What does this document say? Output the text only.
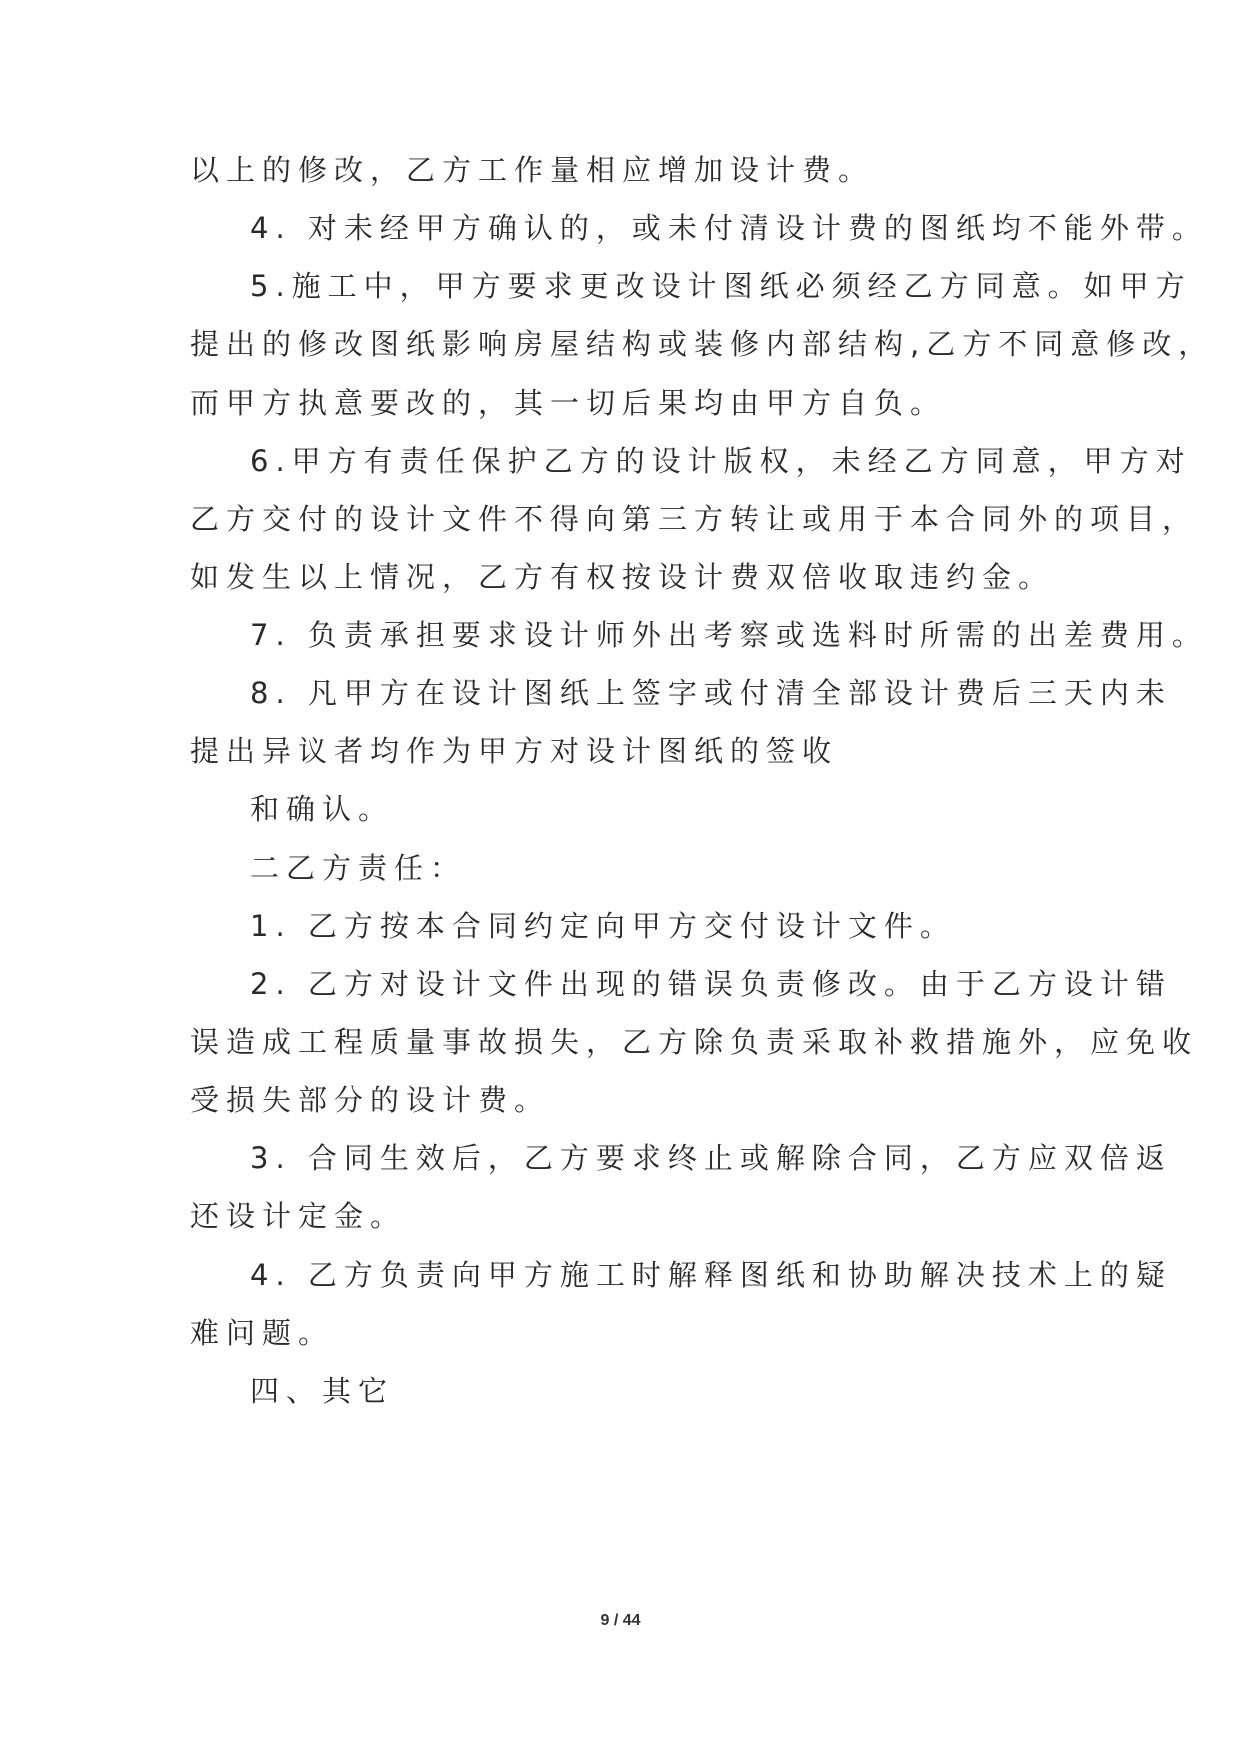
以上的修改，乙方工作量相应增加设计费。
4. 对未经甲方确认的，或未付清设计费的图纸均不能外带。
5.施工中，甲方要求更改设计图纸必须经乙方同意。如甲方
提出的修改图纸影响房屋结构或装修内部结构,乙方不同意修改，
而甲方执意要改的，其一切后果均由甲方自负。
6.甲方有责任保护乙方的设计版权，未经乙方同意，甲方对
乙方交付的设计文件不得向第三方转让或用于本合同外的项目，
如发生以上情况，乙方有权按设计费双倍收取违约金。
7. 负责承担要求设计师外出考察或选料时所需的出差费用。
8. 凡甲方在设计图纸上签字或付清全部设计费后三天内未
提出异议者均作为甲方对设计图纸的签收
和确认。
二乙方责任：
1. 乙方按本合同约定向甲方交付设计文件。
2. 乙方对设计文件出现的错误负责修改。由于乙方设计错
误造成工程质量事故损失，乙方除负责采取补救措施外，应免收
受损失部分的设计费。
3. 合同生效后，乙方要求终止或解除合同，乙方应双倍返
还设计定金。
4. 乙方负责向甲方施工时解释图纸和协助解决技术上的疑
难问题。
四、其它
9 / 44
